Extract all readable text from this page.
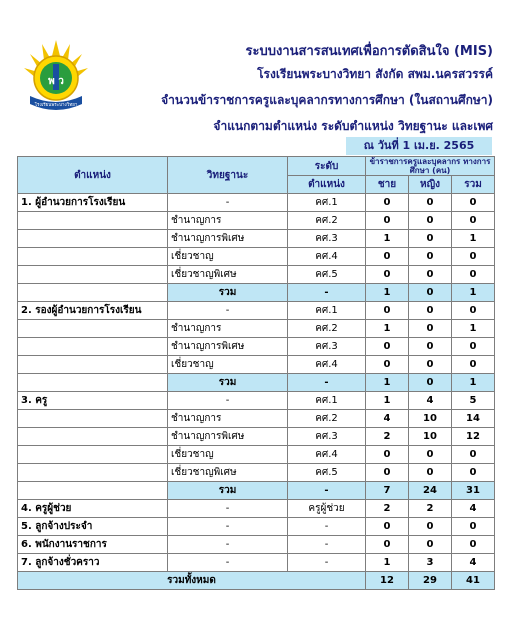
พ ว
โรงเรียนพระบางวิทยา
ระบบงานสารสนเทศเพื่อการตัดสินใจ (MIS)
โรงเรียนพระบางวิทยา สังกัด สพม.นครสวรรค์
จำนวนข้าราชการครูและบุคลากรทางการศึกษา (ในสถานศึกษา)
จำแนกตามตำแหน่ง ระดับตำแหน่ง วิทยฐานะ และเพศ
ณ วันที่ 1 เม.ย. 2565
ตำแหน่ง	วิทยฐานะ	ระดับ	ข้าราชการครูและบุคลากร ทางการศึกษา (คน)		
		ตำแหน่ง	ชาย	หญิง	รวม
1. ผู้อำนวยการโรงเรียน	-	คศ.1	0	0	0
	ชำนาญการ	คศ.2	0	0	0
	ชำนาญการพิเศษ	คศ.3	1	0	1
	เชี่ยวชาญ	คศ.4	0	0	0
	เชี่ยวชาญพิเศษ	คศ.5	0	0	0
	รวม	-	1	0	1
2. รองผู้อำนวยการโรงเรียน	-	คศ.1	0	0	0
	ชำนาญการ	คศ.2	1	0	1
	ชำนาญการพิเศษ	คศ.3	0	0	0
	เชี่ยวชาญ	คศ.4	0	0	0
	รวม	-	1	0	1
3. ครู	-	คศ.1	1	4	5
	ชำนาญการ	คศ.2	4	10	14
	ชำนาญการพิเศษ	คศ.3	2	10	12
	เชี่ยวชาญ	คศ.4	0	0	0
	เชี่ยวชาญพิเศษ	คศ.5	0	0	0
	รวม	-	7	24	31
4. ครูผู้ช่วย	-	ครูผู้ช่วย	2	2	4
5. ลูกจ้างประจำ	-	-	0	0	0
6. พนักงานราชการ	-	-	0	0	0
7. ลูกจ้างชั่วคราว	-	-	1	3	4
รวมทั้งหมด			12	29	41
